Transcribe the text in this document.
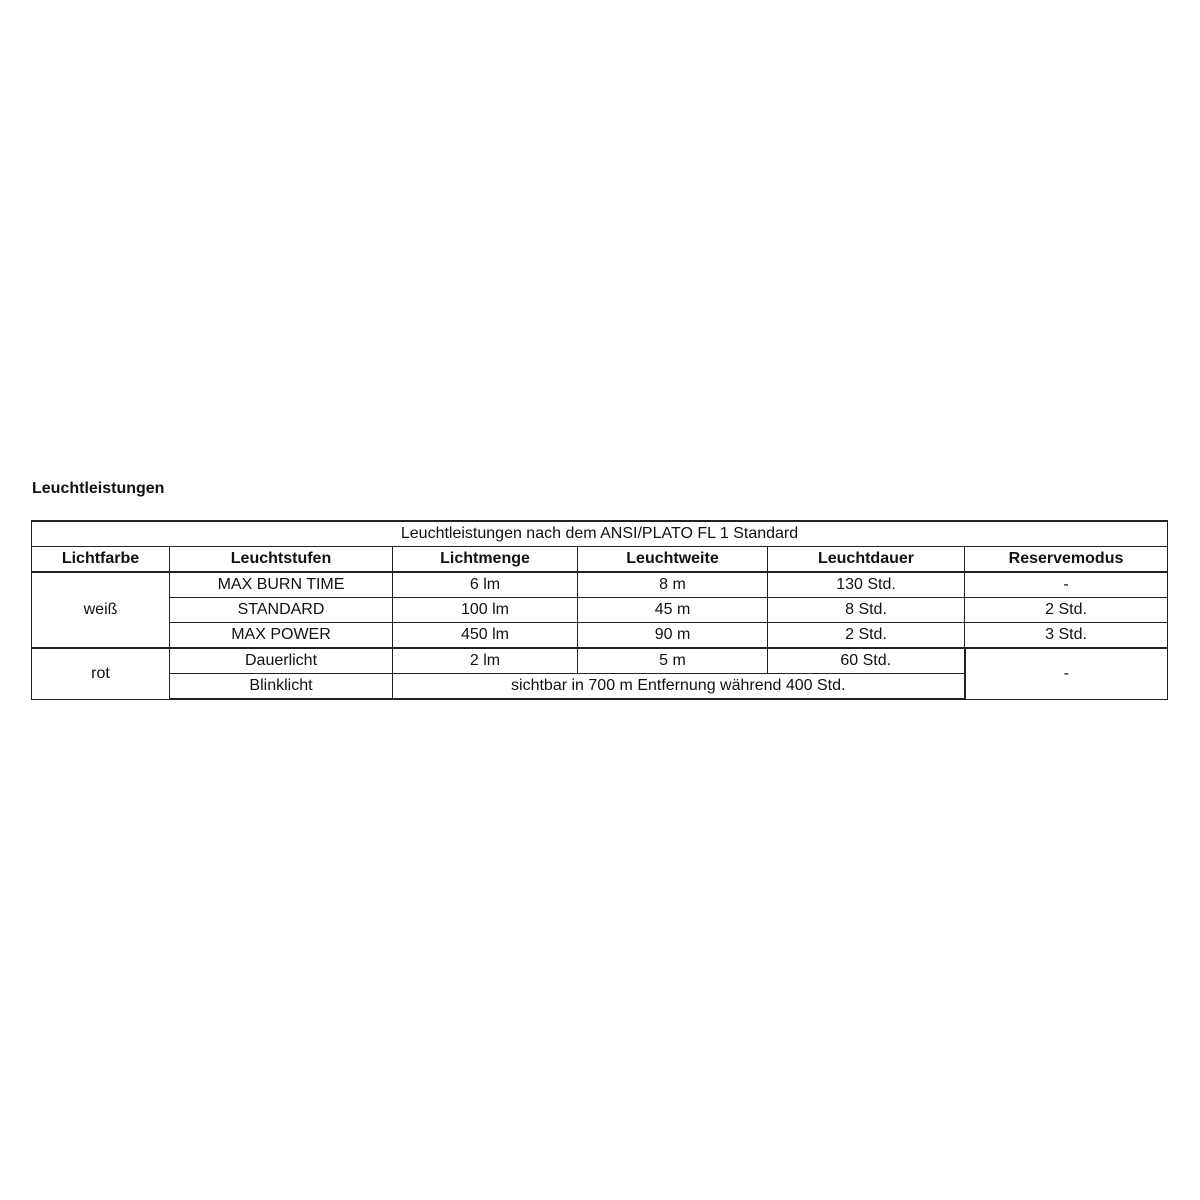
Leuchtleistungen
Leuchtleistungen nach dem ANSI/PLATO FL 1 Standard					
Lichtfarbe	Leuchtstufen	Lichtmenge	Leuchtweite	Leuchtdauer	Reservemodus
weiß	MAX BURN TIME	6 lm	8 m	130 Std.	-
	STANDARD	100 lm	45 m	8 Std.	2 Std.
	MAX POWER	450 lm	90 m	2 Std.	3 Std.
rot	Dauerlicht	2 lm	5 m	60 Std.	-
	Blinklicht	sichtbar in 700 m Entfernung während 400 Std.			
